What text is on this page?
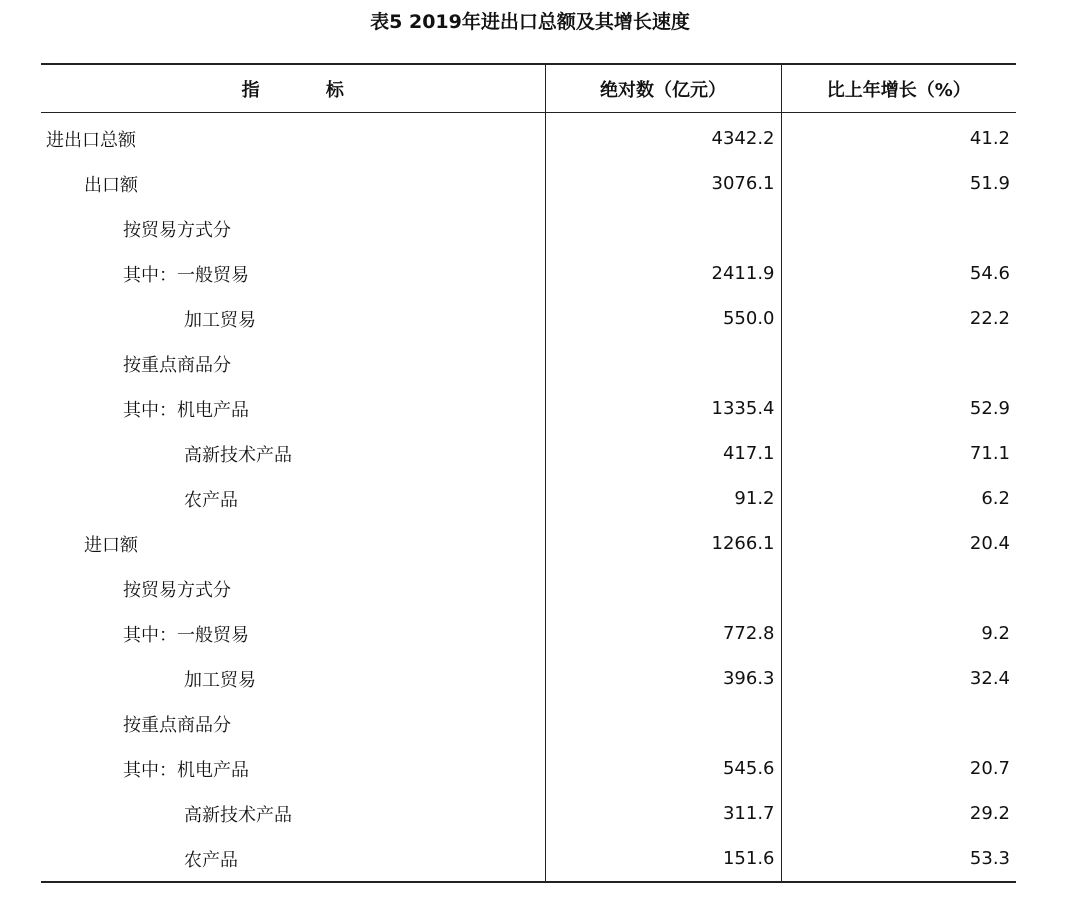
表5 2019年进出口总额及其增长速度
指 标	绝对数（亿元）	比上年增长（%）
进出口总额	4342.2	41.2
出口额	3076.1	51.9
按贸易方式分		
其中：一般贸易	2411.9	54.6
加工贸易	550.0	22.2
按重点商品分		
其中：机电产品	1335.4	52.9
高新技术产品	417.1	71.1
农产品	91.2	6.2
进口额	1266.1	20.4
按贸易方式分		
其中：一般贸易	772.8	9.2
加工贸易	396.3	32.4
按重点商品分		
其中：机电产品	545.6	20.7
高新技术产品	311.7	29.2
农产品	151.6	53.3
